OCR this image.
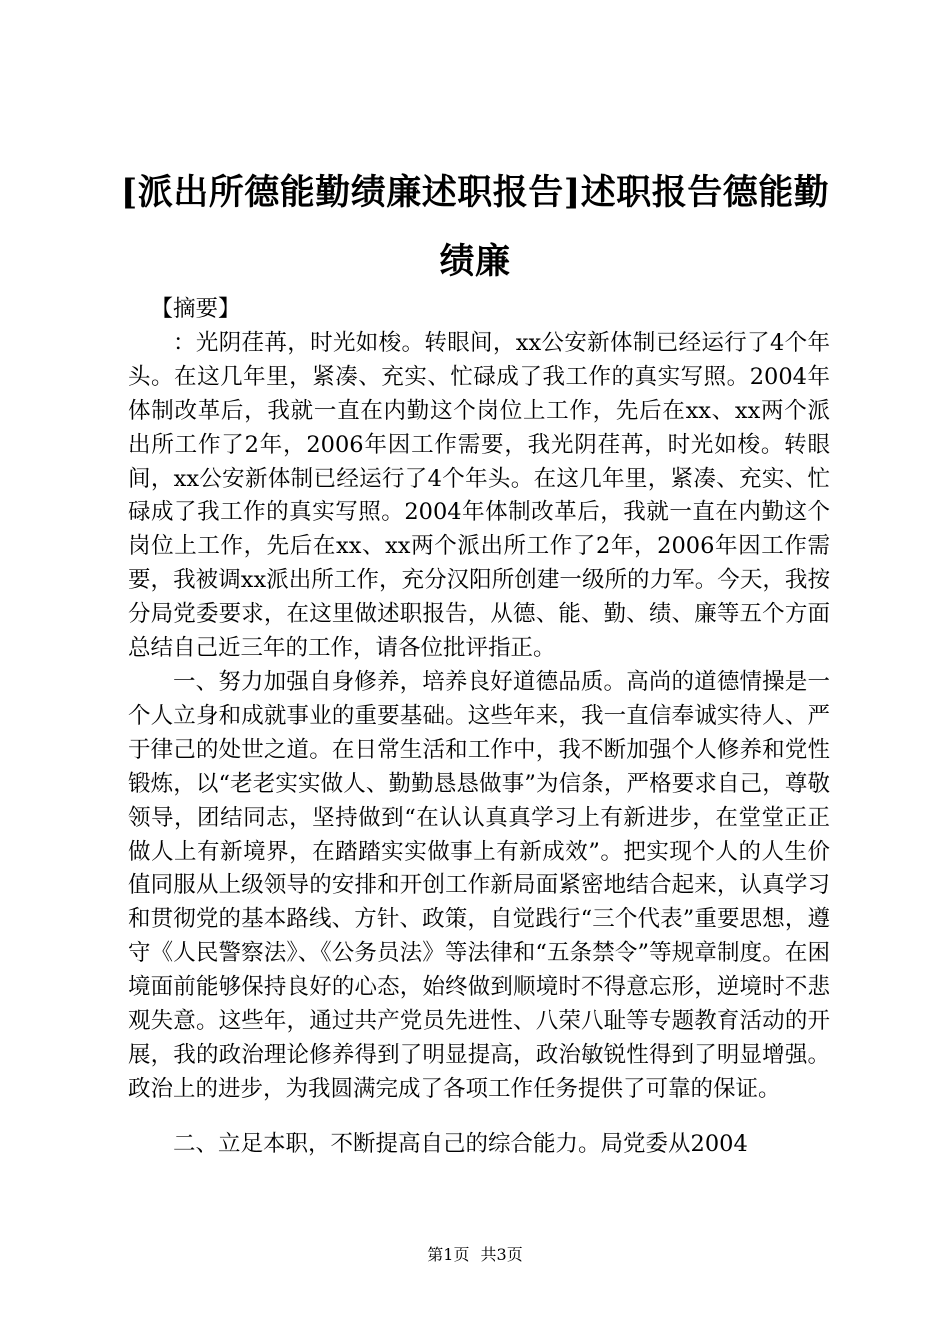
[派出所德能勤绩廉述职报告]述职报告德能勤绩廉

【摘要】

：光阴荏苒，时光如梭。转眼间，xx公安新体制已经运行了4个年头。在这几年里，紧凑、充实、忙碌成了我工作的真实写照。2004年体制改革后，我就一直在内勤这个岗位上工作，先后在xx、xx两个派出所工作了2年，2006年因工作需要，我光阴荏苒，时光如梭。转眼间，xx公安新体制已经运行了4个年头。在这几年里，紧凑、充实、忙碌成了我工作的真实写照。2004年体制改革后，我就一直在内勤这个岗位上工作，先后在xx、xx两个派出所工作了2年，2006年因工作需要，我被调xx派出所工作，充分汉阳所创建一级所的力军。今天，我按分局党委要求，在这里做述职报告，从德、能、勤、绩、廉等五个方面总结自己近三年的工作，请各位批评指正。

一、努力加强自身修养，培养良好道德品质。高尚的道德情操是一个人立身和成就事业的重要基础。这些年来，我一直信奉诚实待人、严于律己的处世之道。在日常生活和工作中，我不断加强个人修养和党性锻炼，以“老老实实做人、勤勤恳恳做事”为信条，严格要求自己，尊敬领导，团结同志，坚持做到“在认认真真学习上有新进步，在堂堂正正做人上有新境界，在踏踏实实做事上有新成效”。把实现个人的人生价值同服从上级领导的安排和开创工作新局面紧密地结合起来，认真学习和贯彻党的基本路线、方针、政策，自觉践行“三个代表”重要思想，遵守《人民警察法》、《公务员法》等法律和“五条禁令”等规章制度。在困境面前能够保持良好的心态，始终做到顺境时不得意忘形，逆境时不悲观失意。这些年，通过共产党员先进性、八荣八耻等专题教育活动的开展，我的政治理论修养得到了明显提高，政治敏锐性得到了明显增强。政治上的进步，为我圆满完成了各项工作任务提供了可靠的保证。

二、立足本职，不断提高自己的综合能力。局党委从2004

第1页 共3页
